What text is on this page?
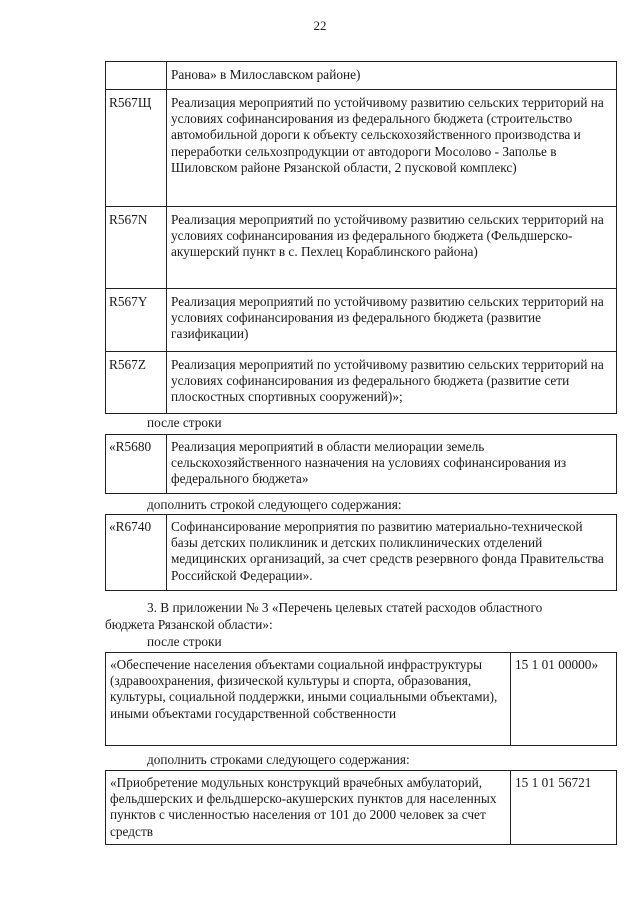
22
	Ранова» в Милославском районе)
R567Щ	Реализация мероприятий по устойчивому развитию сельских территорий на условиях софинансирования из федерального бюджета (строительство автомобильной дороги к объекту сельскохозяйственного производства и переработки сельхозпродукции от автодороги Мосолово - Заполье в Шиловском районе Рязанской области, 2 пусковой комплекс)
R567N	Реализация мероприятий по устойчивому развитию сельских территорий на условиях софинансирования из федерального бюджета (Фельдшерско-акушерский пункт в с. Пехлец Кораблинского района)
R567Y	Реализация мероприятий по устойчивому развитию сельских территорий на условиях софинансирования из федерального бюджета (развитие газификации)
R567Z	Реализация мероприятий по устойчивому развитию сельских территорий на условиях софинансирования из федерального бюджета (развитие сети плоскостных спортивных сооружений)»;
после строки
«R5680	Реализация мероприятий в области мелиорации земель сельскохозяйственного назначения на условиях софинансирования из федерального бюджета»
дополнить строкой следующего содержания:
«R6740	Софинансирование мероприятия по развитию материально-технической базы детских поликлиник и детских поликлинических отделений медицинских организаций, за счет средств резервного фонда Правительства Российской Федерации».
3. В приложении № 3 «Перечень целевых статей расходов областного
бюджета Рязанской области»:
после строки
«Обеспечение населения объектами социальной инфраструктуры (здравоохранения, физической культуры и спорта, образования, культуры, социальной поддержки, иными социальными объектами), иными объектами государственной собственности	15 1 01 00000»
дополнить строками следующего содержания:
«Приобретение модульных конструкций врачебных амбулаторий, фельдшерских и фельдшерско-акушерских пунктов для населенных пунктов с численностью населения от 101 до 2000 человек за счет средств	15 1 01 56721
